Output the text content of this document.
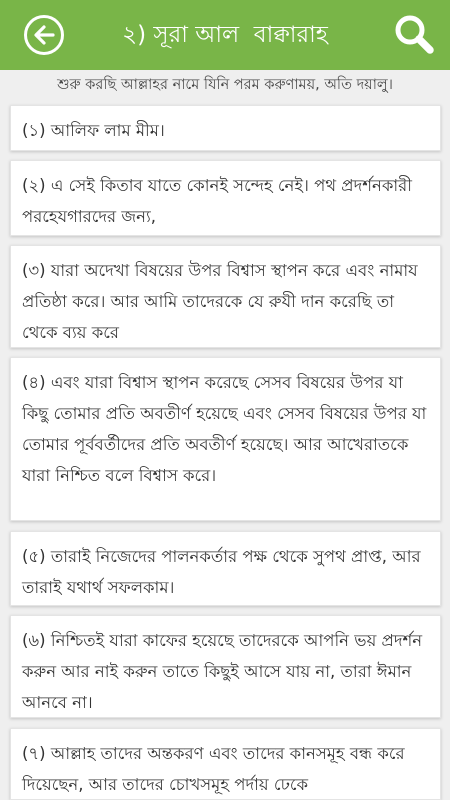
২) সূরা আল  বাক্বারাহ
শুরু করছি আল্লাহর নামে যিনি পরম করুণাময়, অতি দয়ালু।
(১) আলিফ লাম মীম।
(২) এ সেই কিতাব যাতে কোনই সন্দেহ নেই। পথ প্রদর্শনকারী পরহেযগারদের জন্য,
(৩) যারা অদেখা বিষয়ের উপর বিশ্বাস স্থাপন করে এবং নামায প্রতিষ্ঠা করে। আর আমি তাদেরকে যে রুযী দান করেছি তা থেকে ব্যয় করে
(৪) এবং যারা বিশ্বাস স্থাপন করেছে সেসব বিষয়ের উপর যা কিছু তোমার প্রতি অবতীর্ণ হয়েছে এবং সেসব বিষয়ের উপর যা তোমার পূর্ববর্তীদের প্রতি অবতীর্ণ হয়েছে। আর আখেরাতকে যারা নিশ্চিত বলে বিশ্বাস করে।
(৫) তারাই নিজেদের পালনকর্তার পক্ষ থেকে সুপথ প্রাপ্ত, আর তারাই যথার্থ সফলকাম।
(৬) নিশ্চিতই যারা কাফের হয়েছে তাদেরকে আপনি ভয় প্রদর্শন করুন আর নাই করুন তাতে কিছুই আসে যায় না, তারা ঈমান আনবে না।
(৭) আল্লাহ তাদের অন্তকরণ এবং তাদের কানসমূহ বন্ধ করে দিয়েছেন, আর তাদের চোখসমূহ পর্দায় ঢেকে
